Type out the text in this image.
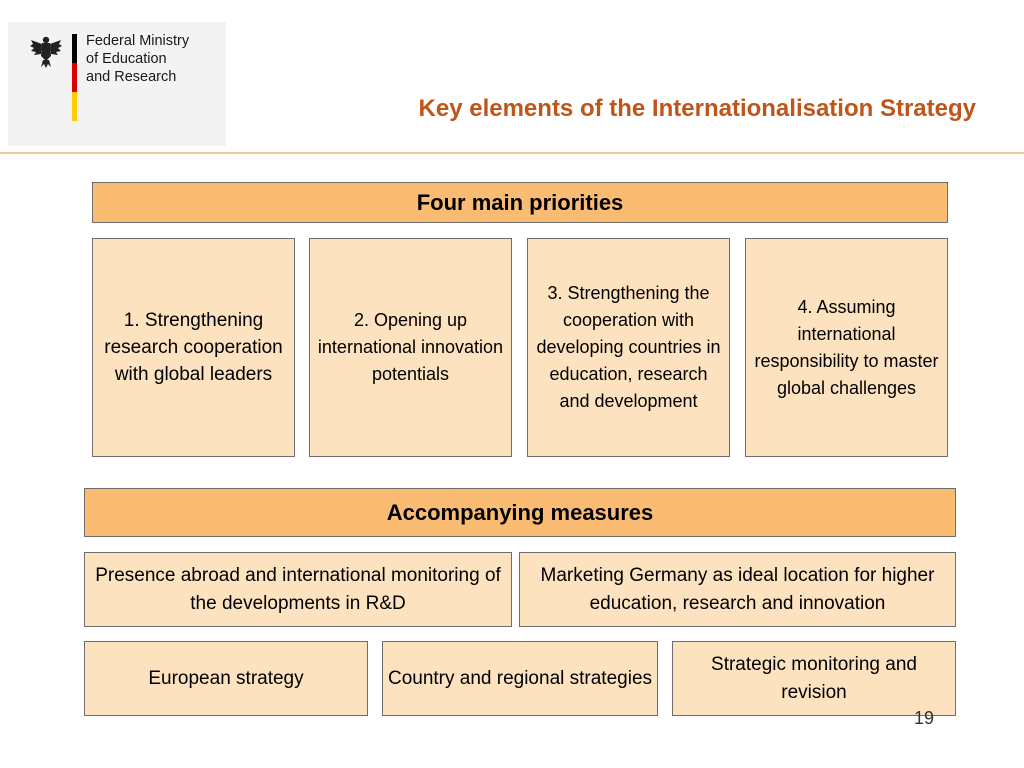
Federal Ministry
of Education
and Research
Key elements of the Internationalisation Strategy
Four main priorities
1. Strengthening research cooperation with global leaders
2. Opening up international innovation potentials
3. Strengthening the cooperation with developing countries in education, research and development
4. Assuming international responsibility to master global challenges
Accompanying measures
Presence abroad and international monitoring of the developments in R&D
Marketing Germany as ideal location for higher education, research and innovation
European strategy	Country and regional strategies
Strategic monitoring and revision
19
